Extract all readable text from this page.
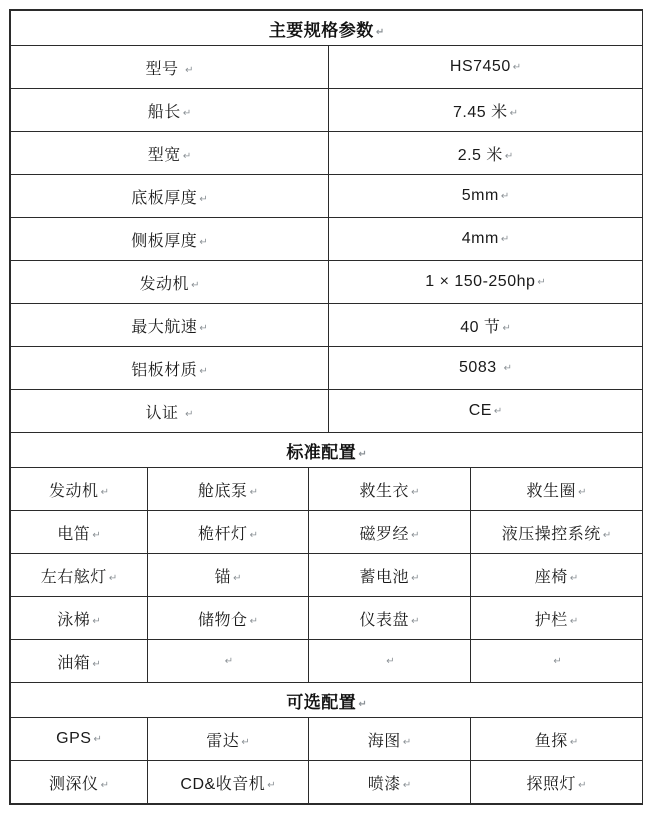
主要规格参数 ↵	
型号 ↵	HS7450 ↵
船长 ↵	7.45 米 ↵
型宽 ↵	2.5 米 ↵
底板厚度 ↵	5mm ↵
侧板厚度 ↵	4mm ↵
发动机 ↵	1 × 150-250hp ↵
最大航速 ↵	40 节 ↵
铝板材质 ↵	5083 ↵
认证 ↵	CE ↵
标准配置 ↵			
发动机 ↵	舱底泵 ↵	救生衣 ↵	救生圈 ↵
电笛 ↵	桅杆灯 ↵	磁罗经 ↵	液压操控系统 ↵
左右舷灯 ↵	锚 ↵	蓄电池 ↵	座椅 ↵
泳梯 ↵	储物仓 ↵	仪表盘 ↵	护栏 ↵
油箱 ↵	↵	↵	↵
可选配置 ↵			
GPS ↵	雷达 ↵	海图 ↵	鱼探 ↵
测深仪 ↵	CD&收音机 ↵	喷漆 ↵	探照灯 ↵
